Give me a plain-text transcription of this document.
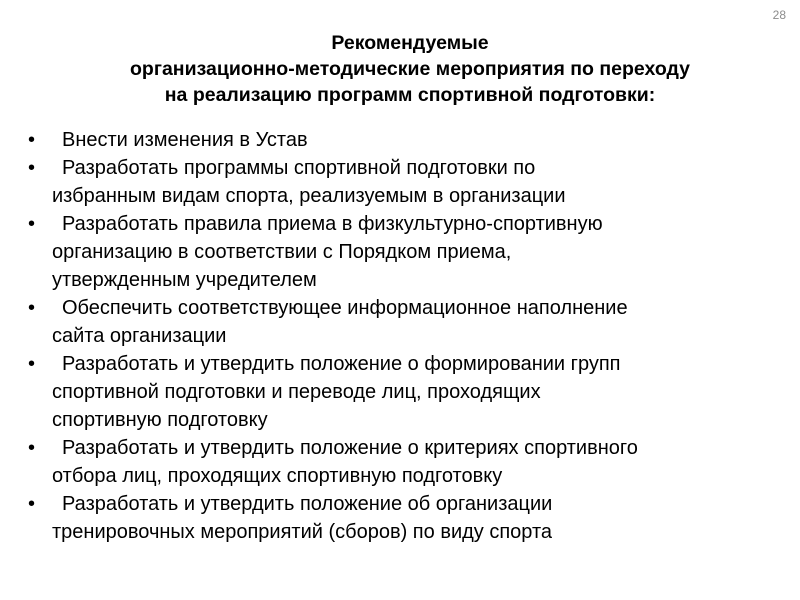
28
Рекомендуемые
организационно-методические мероприятия по переходу
на реализацию программ спортивной подготовки:
• Внести изменения в Устав
• Разработать программы спортивной подготовки по
избранным видам спорта, реализуемым в организации
• Разработать правила приема в физкультурно-спортивную
организацию в соответствии с Порядком приема,
утвержденным учредителем
• Обеспечить соответствующее информационное наполнение
сайта организации
• Разработать и утвердить положение о формировании групп
спортивной подготовки и переводе лиц, проходящих
спортивную подготовку
• Разработать и утвердить положение о критериях спортивного
отбора лиц, проходящих спортивную подготовку
• Разработать и утвердить положение об организации
тренировочных мероприятий (сборов) по виду спорта
